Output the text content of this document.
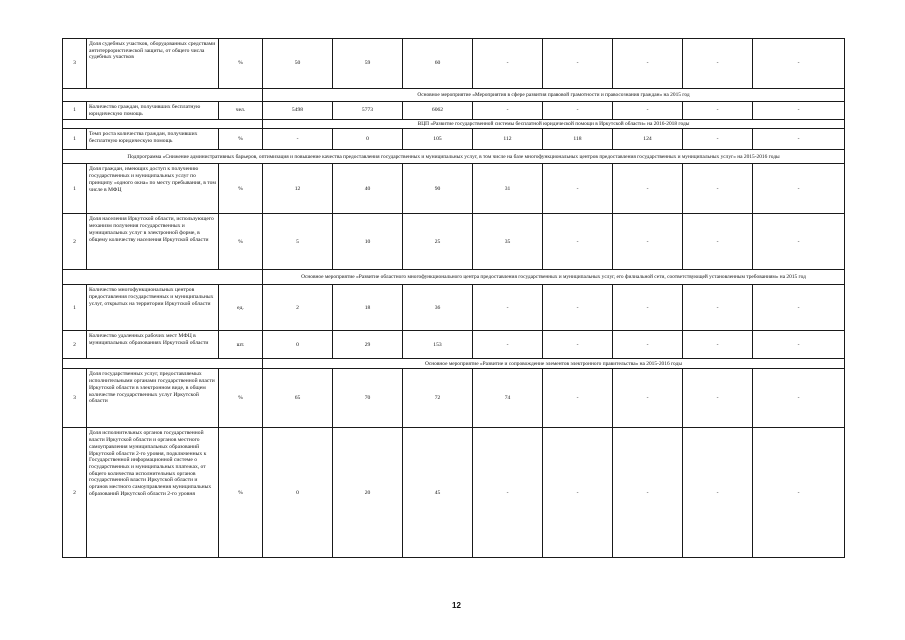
3	Доля судебных участков, оборудованных средствами антитеррористической защиты, от общего числа судебных участков	%	50	59	60	-	-	-	-	-
			Основное мероприятие «Мероприятия в сфере развития правовой грамотности и правосознания граждан» на 2015 год							
1	Количество граждан, получивших бесплатную юридическую помощь	чел.	5498	5773	6062	-	-	-	-	-
			ВЦП «Развитие государственной системы бесплатной юридической помощи в Иркутской области» на 2016-2018 годы							
1	Темп роста количества граждан, получивших бесплатную юридическую помощь	%	-	0	105	112	118	124	-	-
Подпрограмма «Снижение административных барьеров, оптимизация и повышение качества предоставления государственных и муниципальных услуг, в том числе на базе многофункциональных центров предоставления государственных и муниципальных услуг» на 2015-2016 годы										
1	Доля граждан, имеющих доступ к получению государственных и муниципальных услуг по принципу «одного окна» по месту пребывания, в том числе в МФЦ	%	12	40	90	31	-	-	-	-
2	Доля населения Иркутской области, использующего механизм получения государственных и муниципальных услуг в электронной форме, в общему количеству населения Иркутской области	%	5	10	25	35	-	-	-	-
			Основное мероприятие «Развитие областного многофункционального центра предоставления государственных и муниципальных услуг, его филиальной сети, соответствующей установленным требованиям» на 2015 год							
1	Количество многофункциональных центров предоставления государственных и муниципальных услуг, открытых на территории Иркутской области	ед.	2	18	36	-	-	-	-	-
2	Количество удаленных рабочих мест МФЦ в муниципальных образованиях Иркутской области	шт.	0	29	153	-	-	-	-	-
			Основное мероприятие «Развитие и сопровождение элементов электронного правительства» на 2015-2016 годы							
3	Доля государственных услуг, предоставляемых исполнительными органами государственной власти Иркутской области в электронном виде, в общем количестве государственных услуг Иркутской области	%	65	70	72	74	-	-	-	-
2	Доля исполнительных органов государственной власти Иркутской области и органов местного самоуправления муниципальных образований Иркутской области 2-го уровня, подключенных к Государственной информационной системе о государственных и муниципальных платежах, от общего количества исполнительных органов государственной власти Иркутской области и органов местного самоуправления муниципальных образований Иркутской области 2-го уровня	%	0	20	45	-	-	-	-	-
12
